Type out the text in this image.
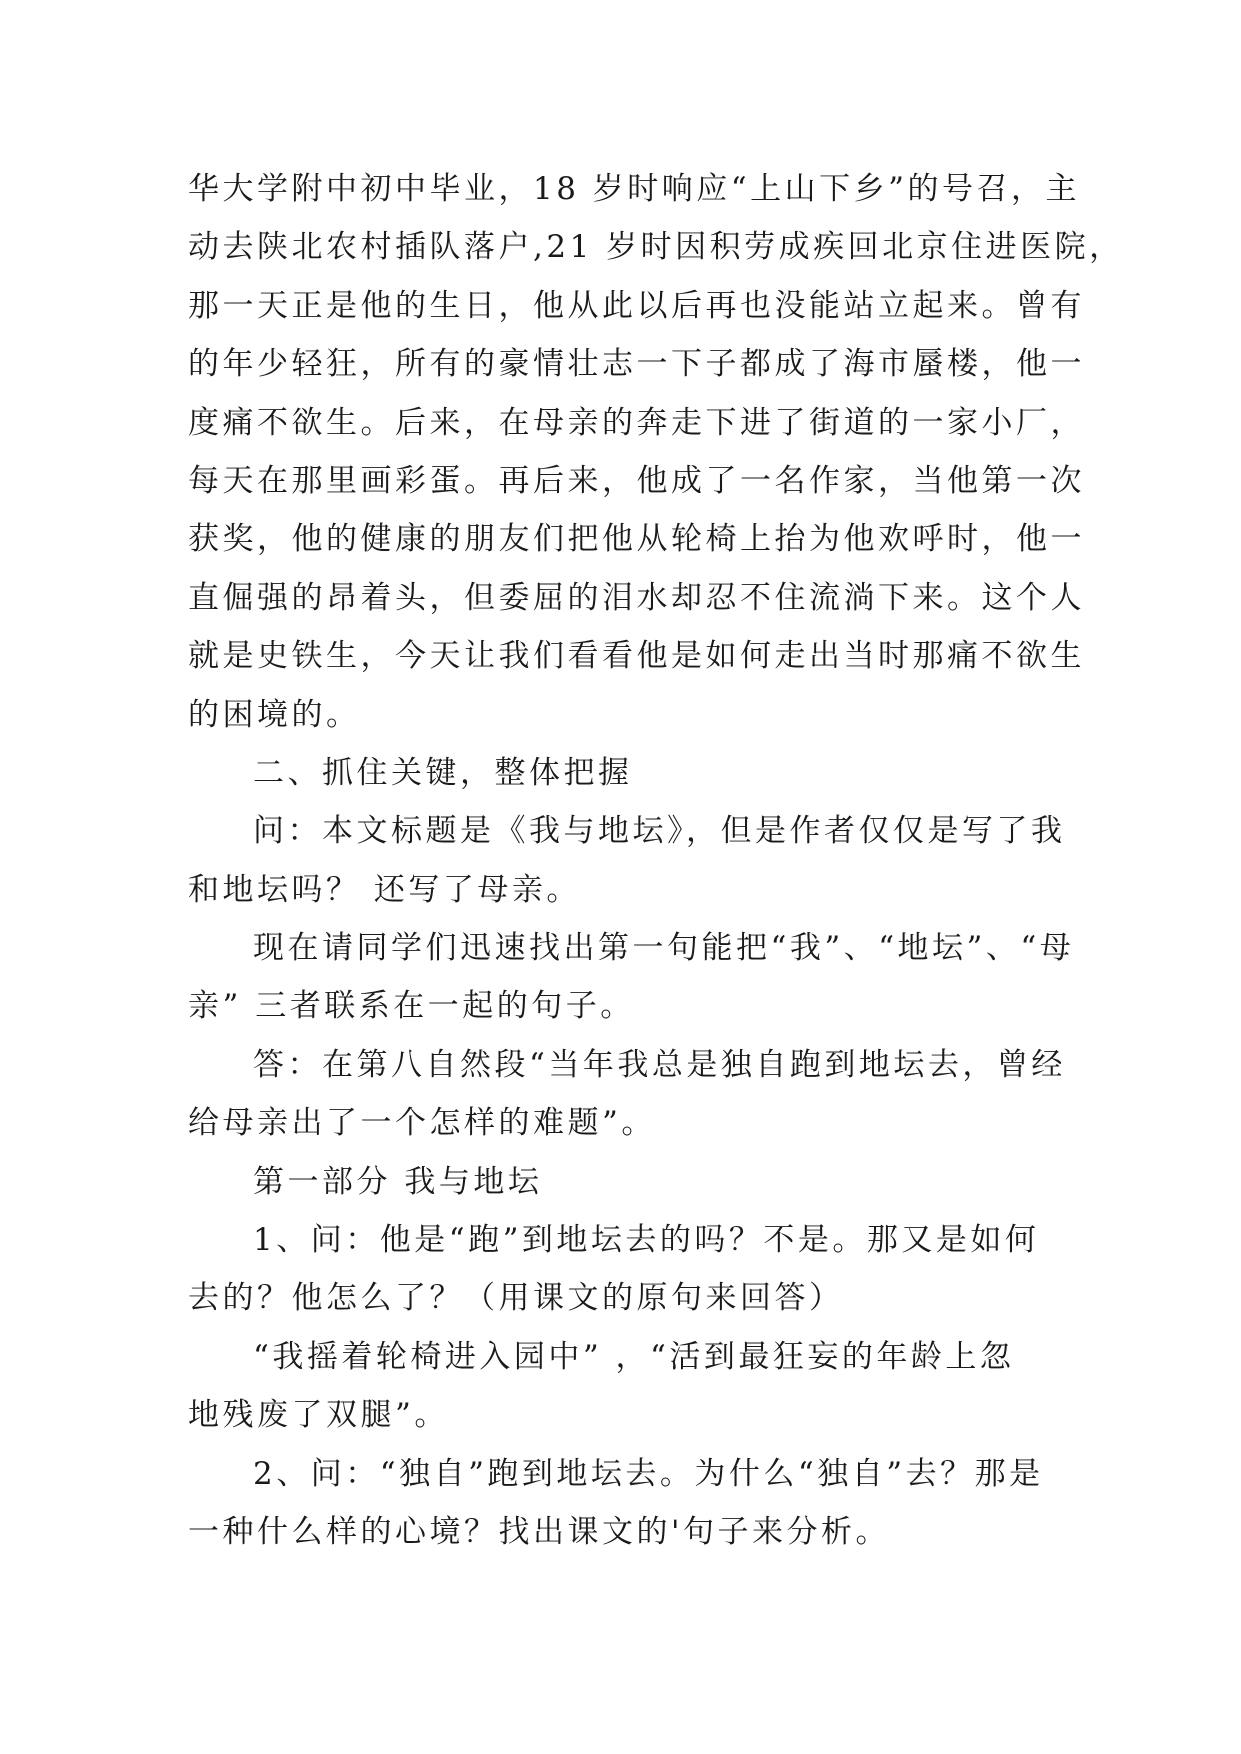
华大学附中初中毕业，18 岁时响应“上山下乡”的号召，主

动去陕北农村插队落户,21 岁时因积劳成疾回北京住进医院，

那一天正是他的生日，他从此以后再也没能站立起来。曾有

的年少轻狂，所有的豪情壮志一下子都成了海市蜃楼，他一

度痛不欲生。后来，在母亲的奔走下进了街道的一家小厂，

每天在那里画彩蛋。再后来，他成了一名作家，当他第一次

获奖，他的健康的朋友们把他从轮椅上抬为他欢呼时，他一

直倔强的昂着头，但委屈的泪水却忍不住流淌下来。这个人

就是史铁生，今天让我们看看他是如何走出当时那痛不欲生

的困境的。

二、抓住关键，整体把握

问：本文标题是《我与地坛》，但是作者仅仅是写了我

和地坛吗？ 还写了母亲。

现在请同学们迅速找出第一句能把“我”、“地坛”、“母

亲” 三者联系在一起的句子。

答：在第八自然段“当年我总是独自跑到地坛去，曾经

给母亲出了一个怎样的难题”。

第一部分 我与地坛

1、问：他是“跑”到地坛去的吗？不是。那又是如何

去的？他怎么了？（用课文的原句来回答）

“我摇着轮椅进入园中” ，“活到最狂妄的年龄上忽

地残废了双腿”。

2、问：“独自”跑到地坛去。为什么“独自”去？那是

一种什么样的心境？找出课文的'句子来分析。
